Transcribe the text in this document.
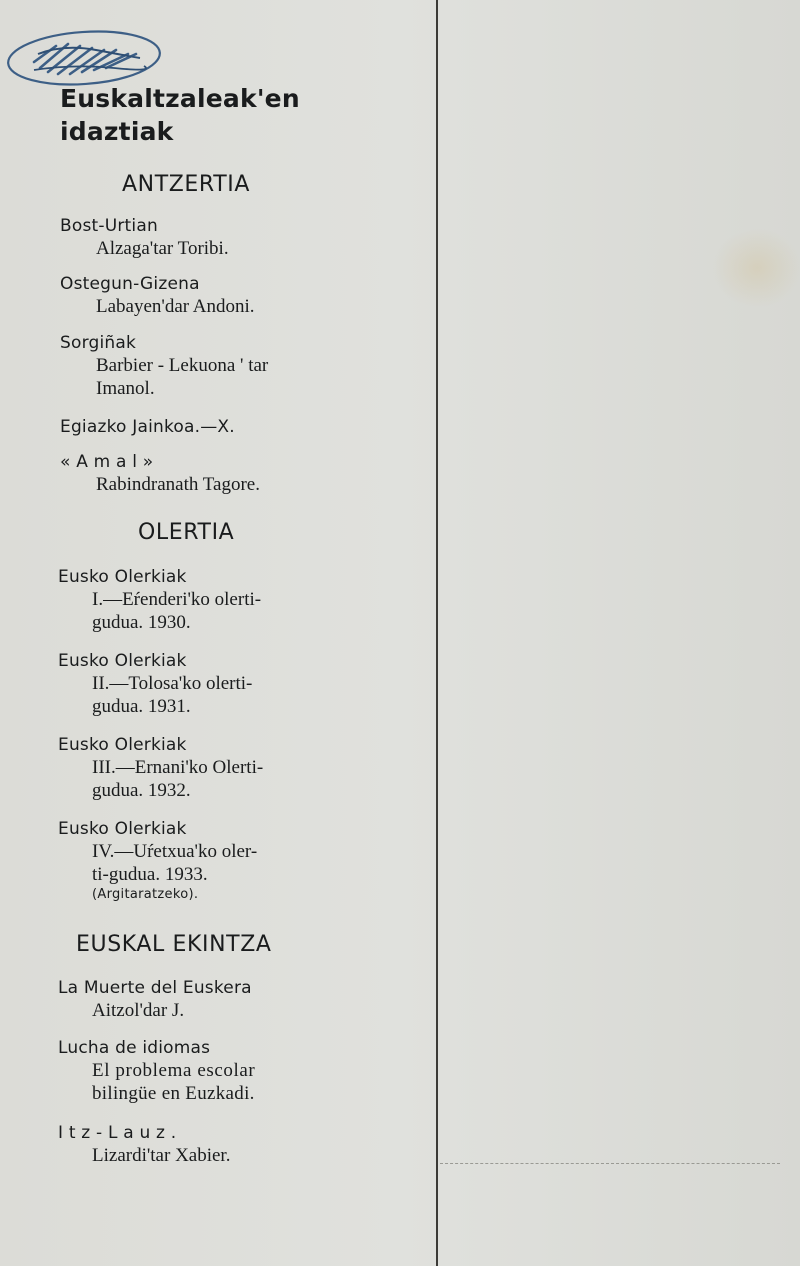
Euskaltzaleak'en
idaztiak
ANTZERTIA
Bost-Urtian
Alzaga'tar Toribi.
Ostegun-Gizena
Labayen'dar Andoni.
Sorgiñak
Barbier - Lekuona ' tar
Imanol.
Egiazko Jainkoa.—X.
« A m a l »
Rabindranath Tagore.
OLERTIA
Eusko Olerkiak
I.—Eŕenderi'ko olerti-
gudua. 1930.
Eusko Olerkiak
II.—Tolosa'ko olerti-
gudua. 1931.
Eusko Olerkiak
III.—Ernani'ko Olerti-
gudua. 1932.
Eusko Olerkiak
IV.—Uŕetxua'ko oler-
ti-gudua. 1933.
(Argitaratzeko).
EUSKAL EKINTZA
La Muerte del Euskera
Aitzol'dar J.
Lucha de idiomas
El problema escolar
bilingüe en Euzkadi.
I t z - L a u z .
Lizardi'tar Xabier.
